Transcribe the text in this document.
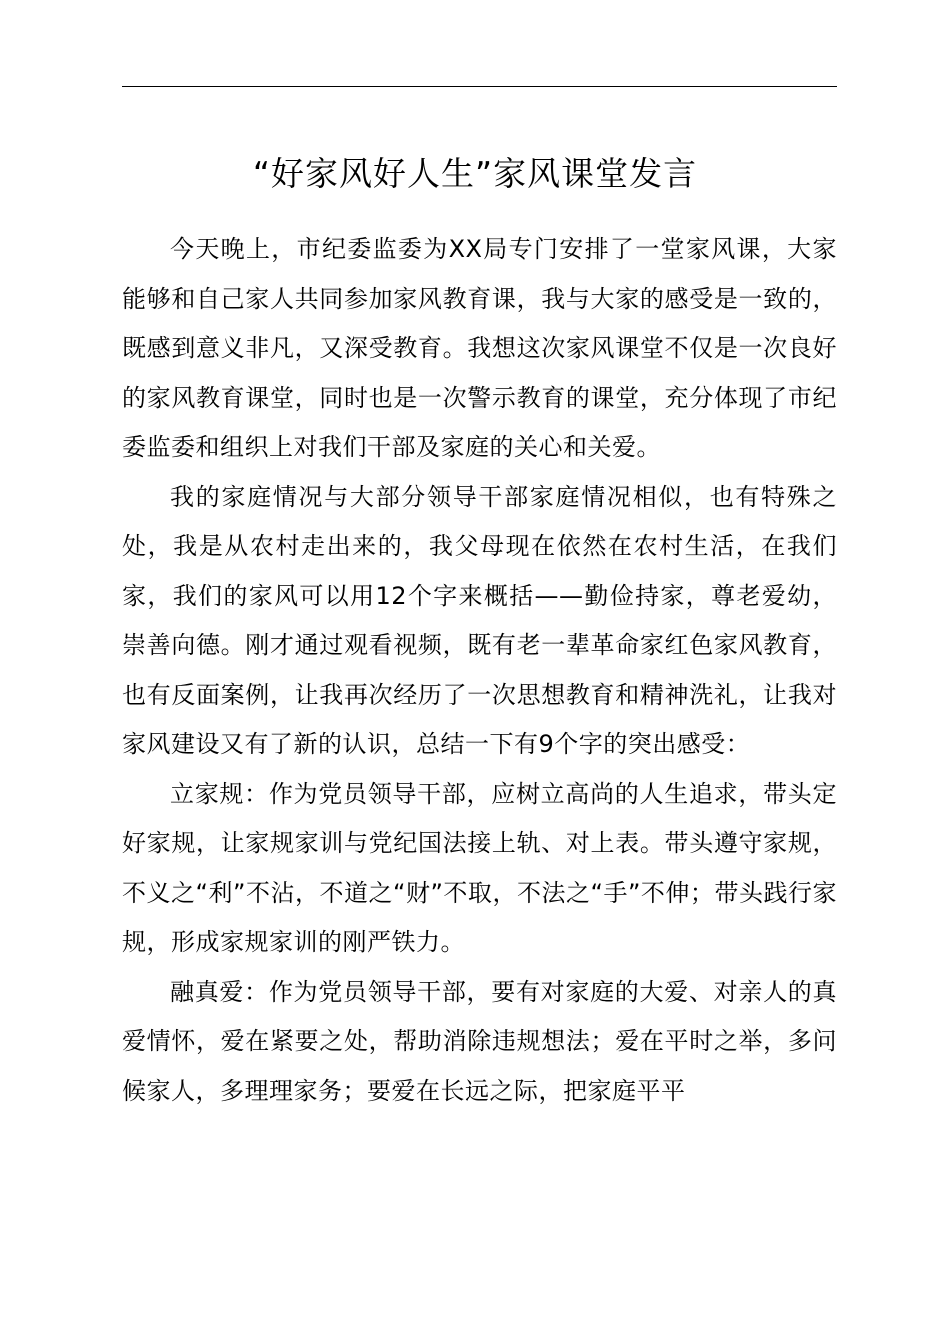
“好家风好人生”家风课堂发言

今天晚上，市纪委监委为XX局专门安排了一堂家风课，大家能够和自己家人共同参加家风教育课，我与大家的感受是一致的，既感到意义非凡，又深受教育。我想这次家风课堂不仅是一次良好的家风教育课堂，同时也是一次警示教育的课堂，充分体现了市纪委监委和组织上对我们干部及家庭的关心和关爱。

我的家庭情况与大部分领导干部家庭情况相似，也有特殊之处，我是从农村走出来的，我父母现在依然在农村生活，在我们家，我们的家风可以用12个字来概括——勤俭持家，尊老爱幼，崇善向德。刚才通过观看视频，既有老一辈革命家红色家风教育，也有反面案例，让我再次经历了一次思想教育和精神洗礼，让我对家风建设又有了新的认识，总结一下有9个字的突出感受：

立家规：作为党员领导干部，应树立高尚的人生追求，带头定好家规，让家规家训与党纪国法接上轨、对上表。带头遵守家规，不义之“利”不沾，不道之“财”不取，不法之“手”不伸；带头践行家规，形成家规家训的刚严铁力。

融真爱：作为党员领导干部，要有对家庭的大爱、对亲人的真爱情怀，爱在紧要之处，帮助消除违规想法；爱在平时之举，多问候家人，多理理家务；要爱在长远之际，把家庭平平
